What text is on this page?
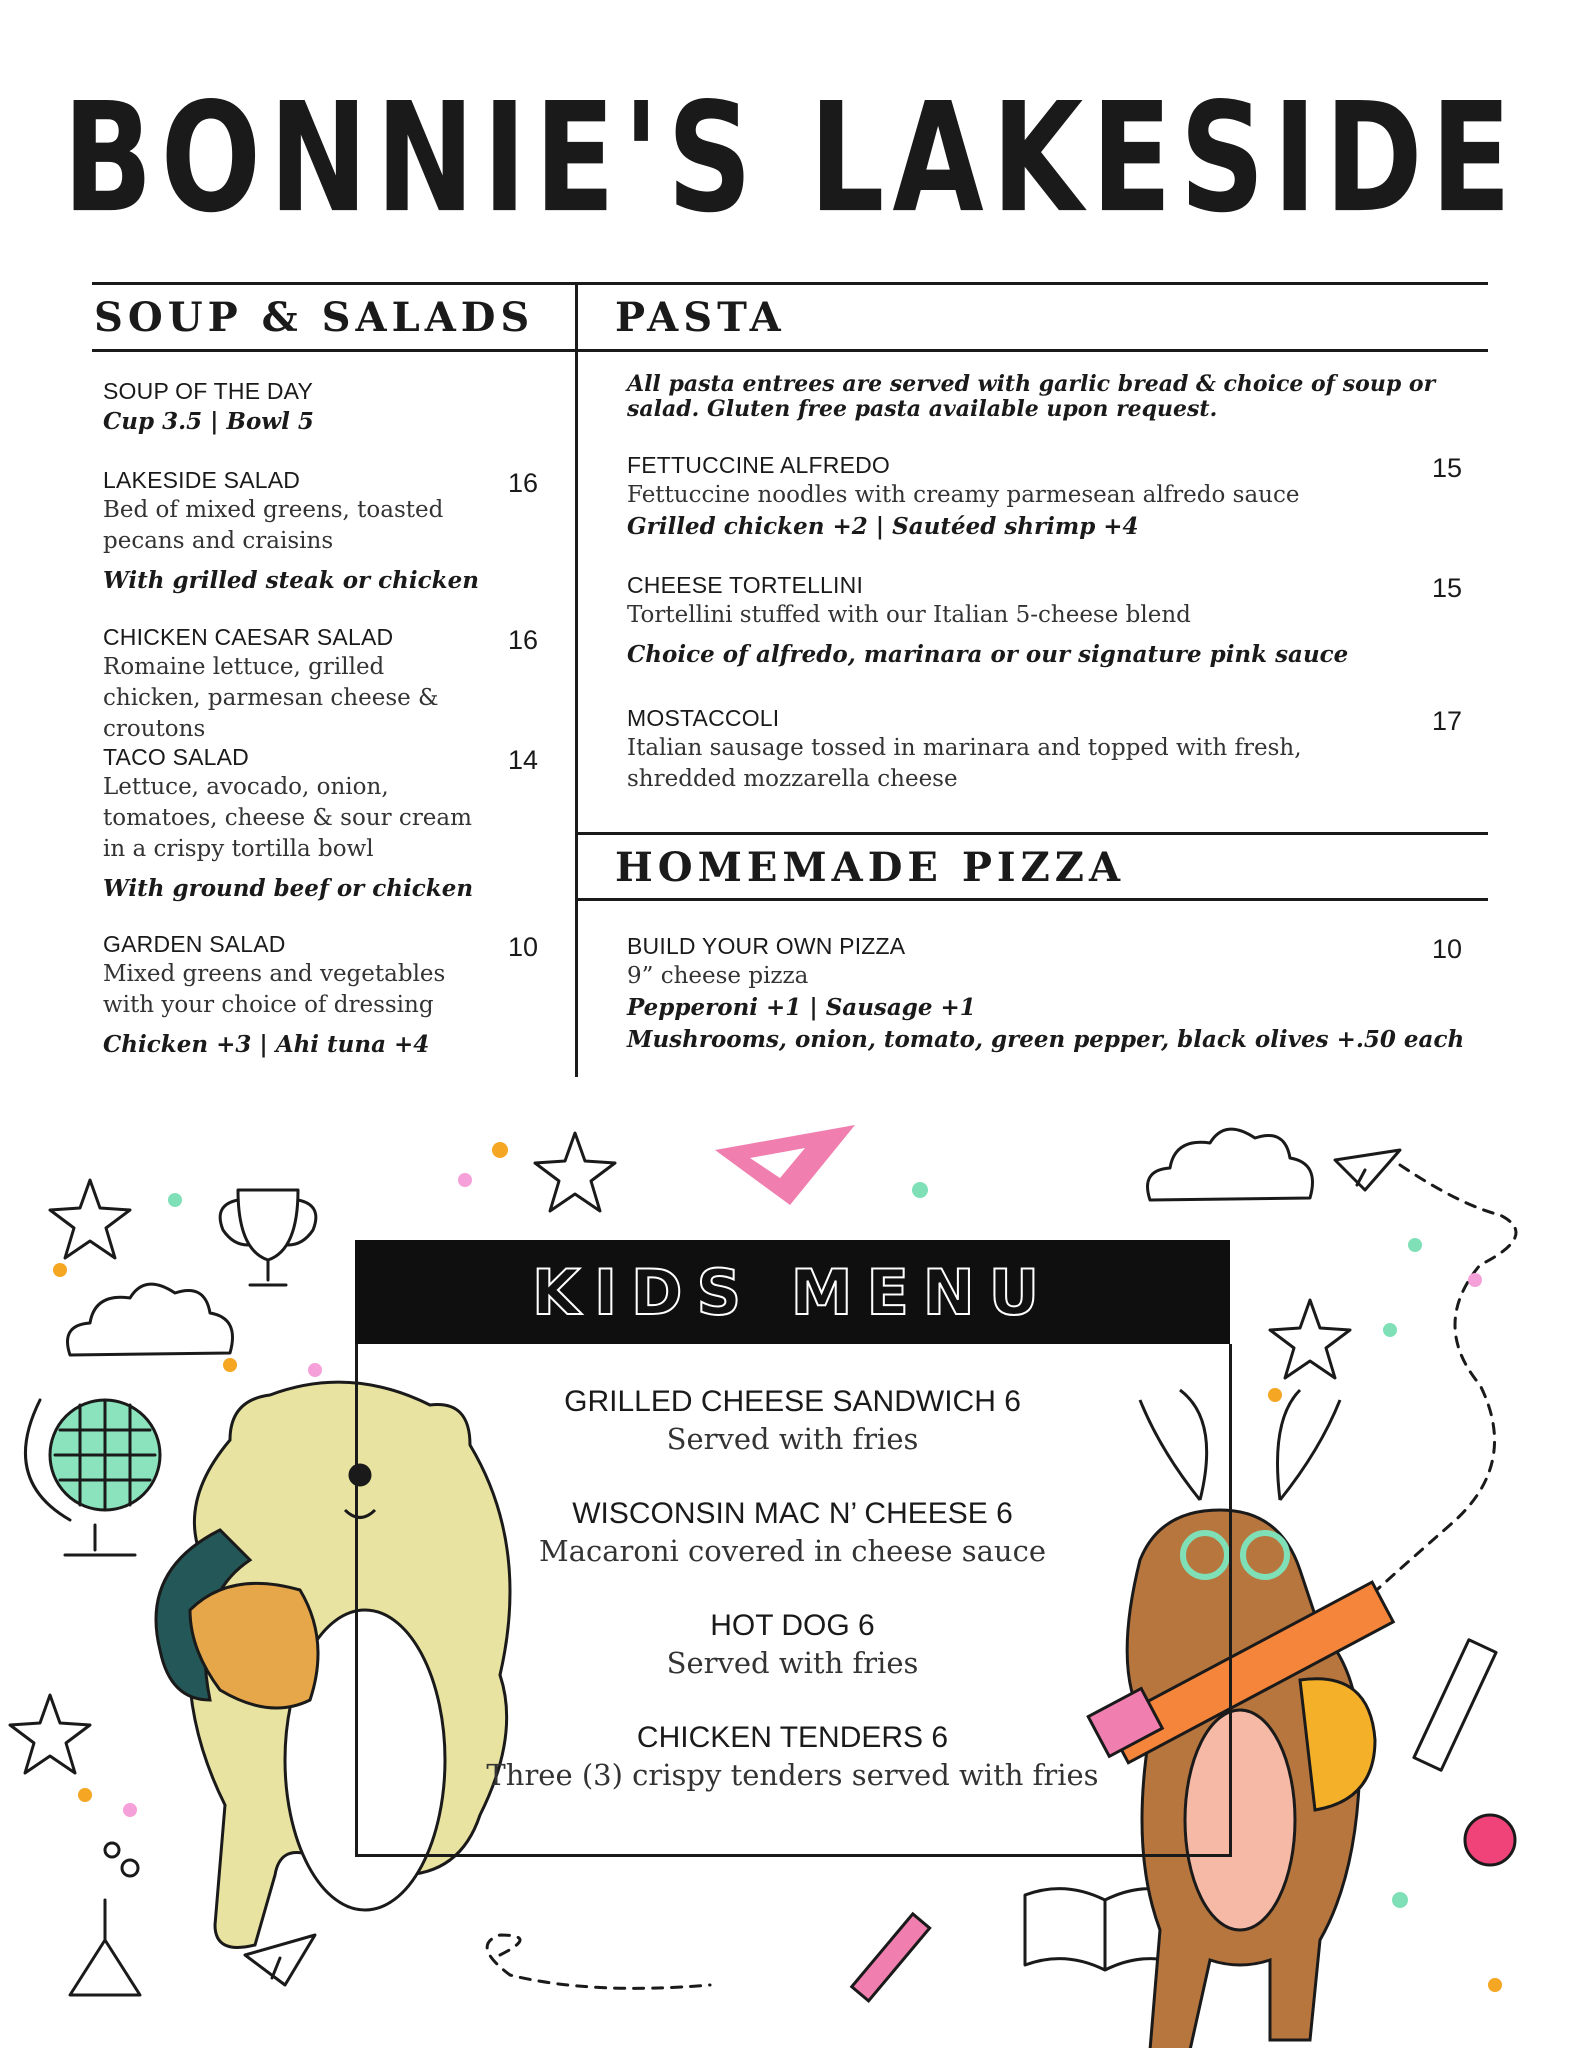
BONNIE'S LAKESIDE
SOUP & SALADS PASTA
HOMEMADE PIZZA
SOUP OF THE DAY
Cup 3.5 | Bowl 5
LAKESIDE SALAD
Bed of mixed greens, toasted pecans and craisins
With grilled steak or chicken
16
CHICKEN CAESAR SALAD
Romaine lettuce, grilled chicken, parmesan cheese & croutons
16
TACO SALAD
Lettuce, avocado, onion, tomatoes, cheese & sour cream in a crispy tortilla bowl
With ground beef or chicken
14
GARDEN SALAD
Mixed greens and vegetables with your choice of dressing
Chicken +3 | Ahi tuna +4
10
All pasta entrees are served with garlic bread & choice of soup or salad. Gluten free pasta available upon request.
FETTUCCINE ALFREDO
Fettuccine noodles with creamy parmesean alfredo sauce
Grilled chicken +2 | Sautéed shrimp +4
15
CHEESE TORTELLINI
Tortellini stuffed with our Italian 5-cheese blend
Choice of alfredo, marinara or our signature pink sauce
15
MOSTACCOLI
Italian sausage tossed in marinara and topped with fresh, shredded mozzarella cheese
17
BUILD YOUR OWN PIZZA
9” cheese pizza
Pepperoni +1 | Sausage +1
Mushrooms, onion, tomato, green pepper, black olives +.50 each
10
KIDS MENU
GRILLED CHEESE SANDWICH 6
Served with fries
WISCONSIN MAC N’ CHEESE 6
Macaroni covered in cheese sauce
HOT DOG 6
Served with fries
CHICKEN TENDERS 6
Three (3) crispy tenders served with fries
